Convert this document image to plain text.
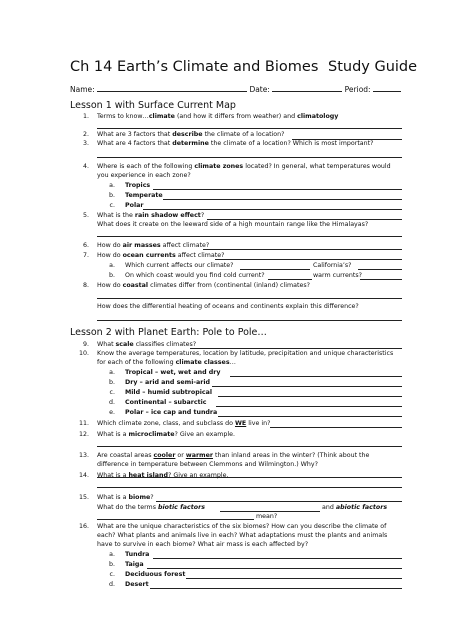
Ch 14 Earth’s Climate and Biomes Study Guide
Name:	Date:	Period:
Lesson 1 with Surface Current Map
1. Terms to know…climate (and how it differs from weather) and climatology
2. What are 3 factors that describe the climate of a location?
3. What are 4 factors that determine the climate of a location? Which is most important?
4. Where is each of the following climate zones located? In general, what temperatures would
you experience in each zone?
a. Tropics
b. Temperate
c. Polar
5. What is the rain shadow effect?
What does it create on the leeward side of a high mountain range like the Himalayas?
6. How do air masses affect climate?
7. How do ocean currents affect climate?
a. Which current affects our climate?	California’s?
b. On which coast would you find cold current?	warm currents?
8. How do coastal climates differ from (continental (inland) climates?
How does the differential heating of oceans and continents explain this difference?
Lesson 2 with Planet Earth: Pole to Pole…
9. What scale classifies climates?
10. Know the average temperatures, location by latitude, precipitation and unique characteristics
for each of the following climate classes…
a. Tropical – wet, wet and dry
b. Dry – arid and semi-arid
c. Mild – humid subtropical
d. Continental – subarctic
e. Polar – ice cap and tundra
11. Which climate zone, class, and subclass do WE live in?
12. What is a microclimate? Give an example.
13. Are coastal areas cooler or warmer than inland areas in the winter? (Think about the
difference in temperature between Clemmons and Wilmington.) Why?
14. What is a heat island? Give an example.
15. What is a biome?
What do the terms biotic factors	and abiotic factors
mean?
16. What are the unique characteristics of the six biomes? How can you describe the climate of
each? What plants and animals live in each? What adaptations must the plants and animals
have to survive in each biome? What air mass is each affected by?
a. Tundra
b. Taiga
c. Deciduous forest
d. Desert
